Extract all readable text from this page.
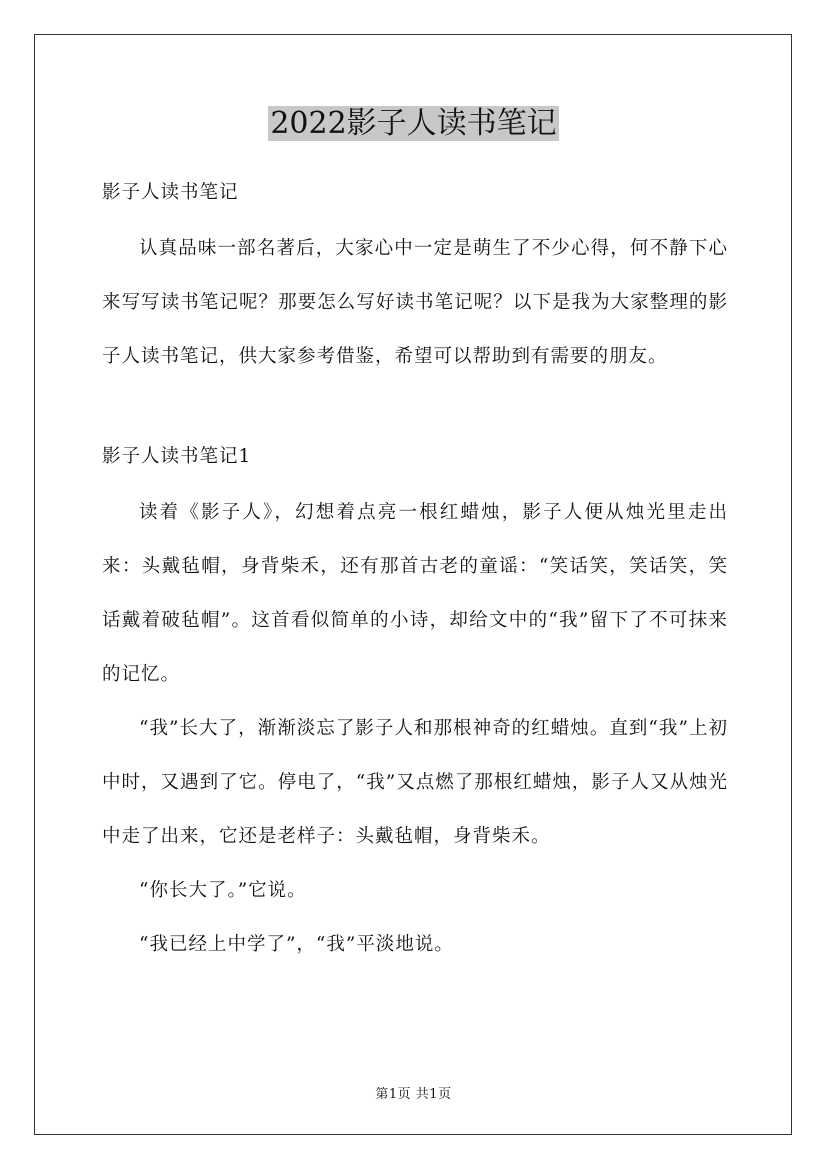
2022影子人读书笔记

影子人读书笔记

认真品味一部名著后，大家心中一定是萌生了不少心得，何不静下心来写写读书笔记呢？那要怎么写好读书笔记呢？以下是我为大家整理的影子人读书笔记，供大家参考借鉴，希望可以帮助到有需要的朋友。

影子人读书笔记1

读着《影子人》，幻想着点亮一根红蜡烛，影子人便从烛光里走出来：头戴毡帽，身背柴禾，还有那首古老的童谣：“笑话笑，笑话笑，笑话戴着破毡帽”。这首看似简单的小诗，却给文中的“我”留下了不可抹来的记忆。

“我”长大了，渐渐淡忘了影子人和那根神奇的红蜡烛。直到“我”上初中时，又遇到了它。停电了，“我”又点燃了那根红蜡烛，影子人又从烛光中走了出来，它还是老样子：头戴毡帽，身背柴禾。

“你长大了。”它说。

“我已经上中学了”，“我”平淡地说。

第1页 共1页
